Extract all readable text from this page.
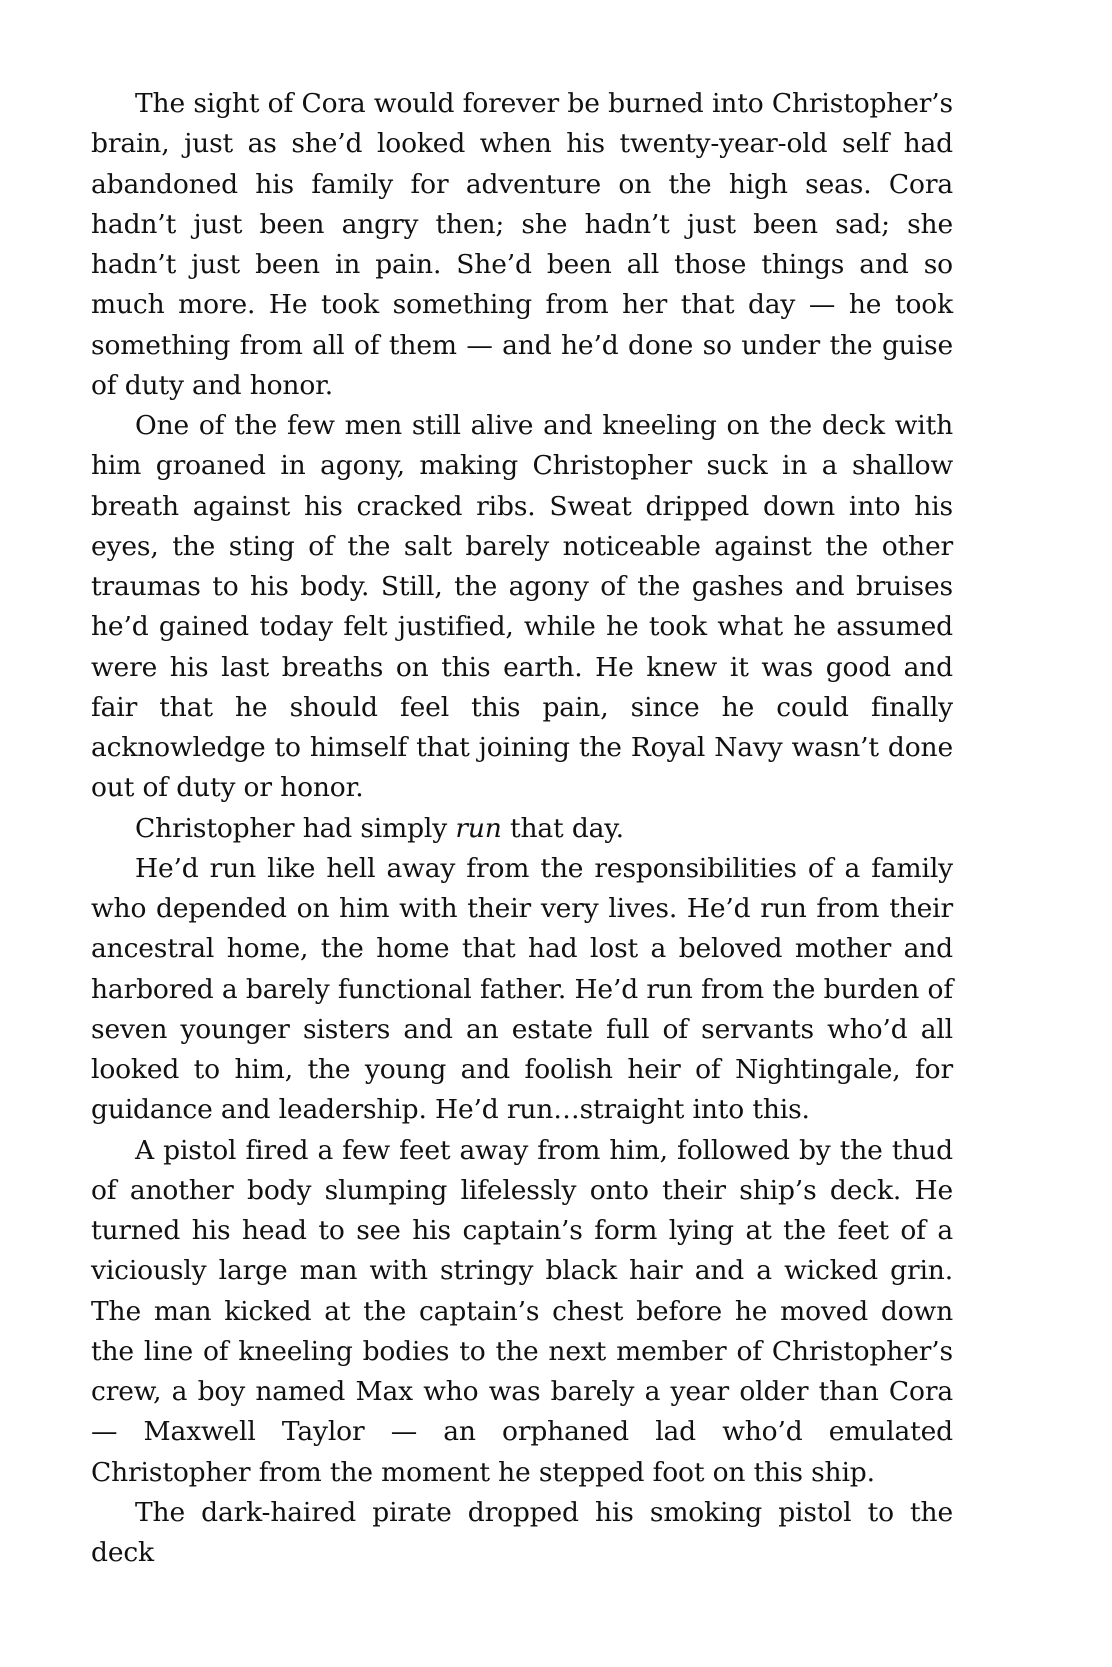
The sight of Cora would forever be burned into Christopher’s brain, just as she’d looked when his twenty-year-old self had abandoned his family for adventure on the high seas. Cora hadn’t just been angry then; she hadn’t just been sad; she hadn’t just been in pain. She’d been all those things and so much more. He took something from her that day — he took something from all of them — and he’d done so under the guise of duty and honor.

One of the few men still alive and kneeling on the deck with him groaned in agony, making Christopher suck in a shallow breath against his cracked ribs. Sweat dripped down into his eyes, the sting of the salt barely noticeable against the other traumas to his body. Still, the agony of the gashes and bruises he’d gained today felt justified, while he took what he assumed were his last breaths on this earth. He knew it was good and fair that he should feel this pain, since he could finally acknowledge to himself that joining the Royal Navy wasn’t done out of duty or honor.

Christopher had simply run that day.

He’d run like hell away from the responsibilities of a family who depended on him with their very lives. He’d run from their ancestral home, the home that had lost a beloved mother and harbored a barely functional father. He’d run from the burden of seven younger sisters and an estate full of servants who’d all looked to him, the young and foolish heir of Nightingale, for guidance and leadership. He’d run…straight into this.

A pistol fired a few feet away from him, followed by the thud of another body slumping lifelessly onto their ship’s deck. He turned his head to see his captain’s form lying at the feet of a viciously large man with stringy black hair and a wicked grin. The man kicked at the captain’s chest before he moved down the line of kneeling bodies to the next member of Christopher’s crew, a boy named Max who was barely a year older than Cora — Maxwell Taylor — an orphaned lad who’d emulated Christopher from the moment he stepped foot on this ship.

The dark-haired pirate dropped his smoking pistol to the deck
